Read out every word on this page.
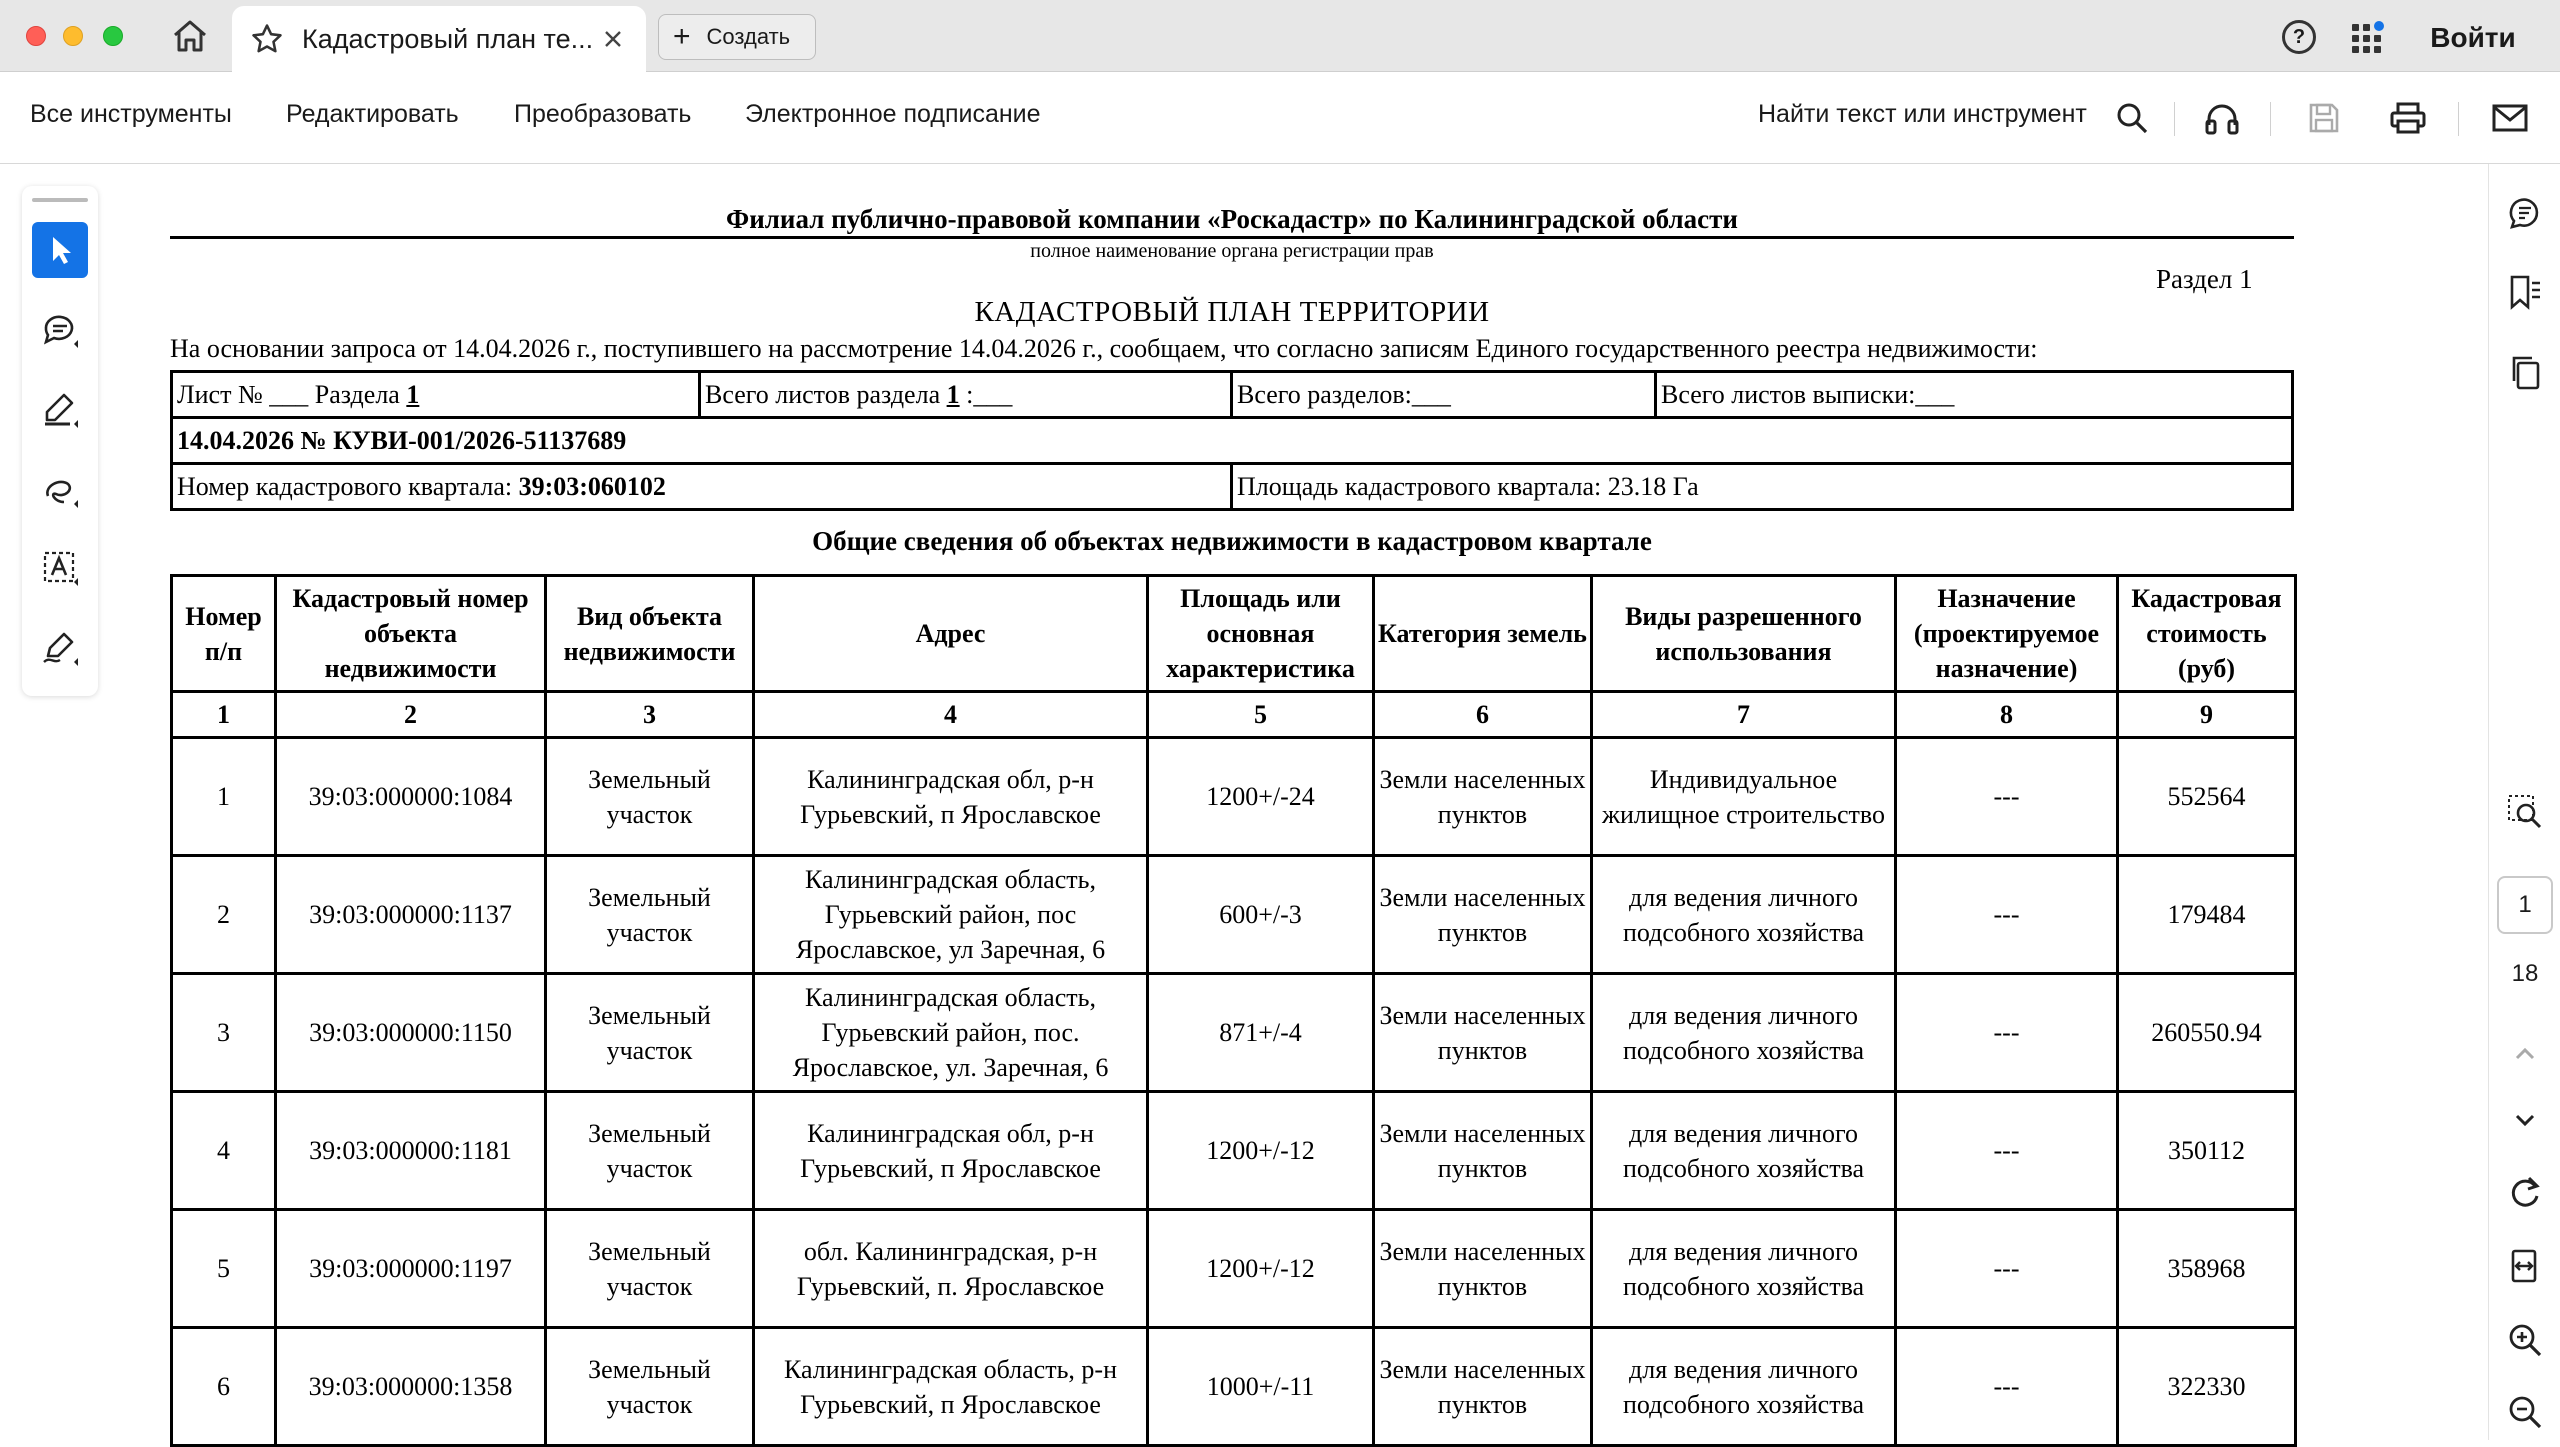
Кадастровый план те...	+ Создать	?	Войти
Все инструменты Редактировать Преобразовать Электронное подписание	Найти текст или инструмент
1
18
Филиал публично-правовой компании «Роскадастр» по Калининградской области
полное наименование органа регистрации прав
Раздел 1
КАДАСТРОВЫЙ ПЛАН ТЕРРИТОРИИ
На основании запроса от 14.04.2026 г., поступившего на рассмотрение 14.04.2026 г., сообщаем, что согласно записям Единого государственного реестра недвижимости:
Лист № ___ Раздела 1	Всего листов раздела 1 :___	Всего разделов:___	Всего листов выписки:___
14.04.2026 № КУВИ-001/2026-51137689			
Номер кадастрового квартала: 39:03:060102		Площадь кадастрового квартала: 23.18 Га	
Общие сведения об объектах недвижимости в кадастровом квартале
Номер п/п	Кадастровый номер объекта недвижимости	Вид объекта недвижимости	Адрес	Площадь или основная характеристика	Категория земель	Виды разрешенного использования	Назначение (проектируемое назначение)	Кадастровая стоимость (руб)
1	2	3	4	5	6	7	8	9
1	39:03:000000:1084	Земельный участок	Калининградская обл, р-н Гурьевский, п Ярославское	1200+/-24	Земли населенных пунктов	Индивидуальное жилищное строительство	---	552564
2	39:03:000000:1137	Земельный участок	Калининградская область, Гурьевский район, пос Ярославское, ул Заречная, 6	600+/-3	Земли населенных пунктов	для ведения личного подсобного хозяйства	---	179484
3	39:03:000000:1150	Земельный участок	Калининградская область, Гурьевский район, пос. Ярославское, ул. Заречная, 6	871+/-4	Земли населенных пунктов	для ведения личного подсобного хозяйства	---	260550.94
4	39:03:000000:1181	Земельный участок	Калининградская обл, р-н Гурьевский, п Ярославское	1200+/-12	Земли населенных пунктов	для ведения личного подсобного хозяйства	---	350112
5	39:03:000000:1197	Земельный участок	обл. Калининградская, р-н Гурьевский, п. Ярославское	1200+/-12	Земли населенных пунктов	для ведения личного подсобного хозяйства	---	358968
6	39:03:000000:1358	Земельный участок	Калининградская область, р-н Гурьевский, п Ярославское	1000+/-11	Земли населенных пунктов	для ведения личного подсобного хозяйства	---	322330
